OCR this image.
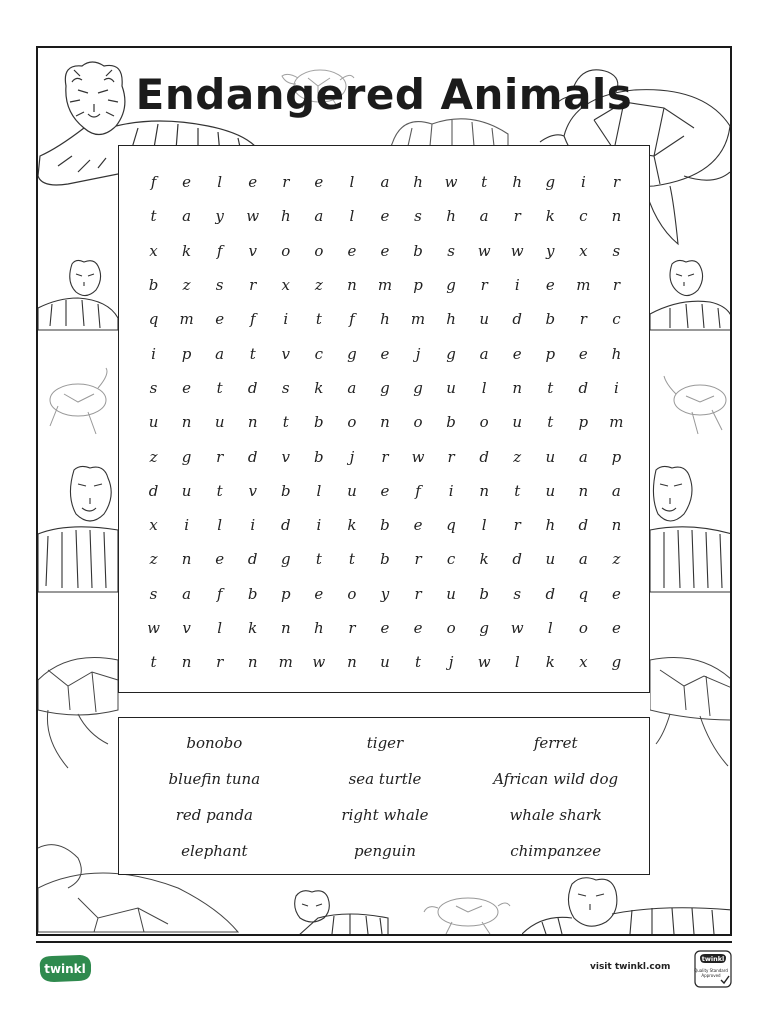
Endangered Animals
f	e	l	e	r	e	l	a	h	w	t	h	g	i	r
t	a	y	w	h	a	l	e	s	h	a	r	k	c	n
x	k	f	v	o	o	e	e	b	s	w	w	y	x	s
b	z	s	r	x	z	n	m	p	g	r	i	e	m	r
q	m	e	f	i	t	f	h	m	h	u	d	b	r	c
i	p	a	t	v	c	g	e	j	g	a	e	p	e	h
s	e	t	d	s	k	a	g	g	u	l	n	t	d	i
u	n	u	n	t	b	o	n	o	b	o	u	t	p	m
z	g	r	d	v	b	j	r	w	r	d	z	u	a	p
d	u	t	v	b	l	u	e	f	i	n	t	u	n	a
x	i	l	i	d	i	k	b	e	q	l	r	h	d	n
z	n	e	d	g	t	t	b	r	c	k	d	u	a	z
s	a	f	b	p	e	o	y	r	u	b	s	d	q	e
w	v	l	k	n	h	r	e	e	o	g	w	l	o	e
t	n	r	n	m	w	n	u	t	j	w	l	k	x	g
bonobo	tiger	ferret
bluefin tuna	sea turtle	African wild dog
red panda	right whale	whale shark
elephant	penguin	chimpanzee
twinkl	visit twinkl.com
twinkl
Quality Standard
Approved
